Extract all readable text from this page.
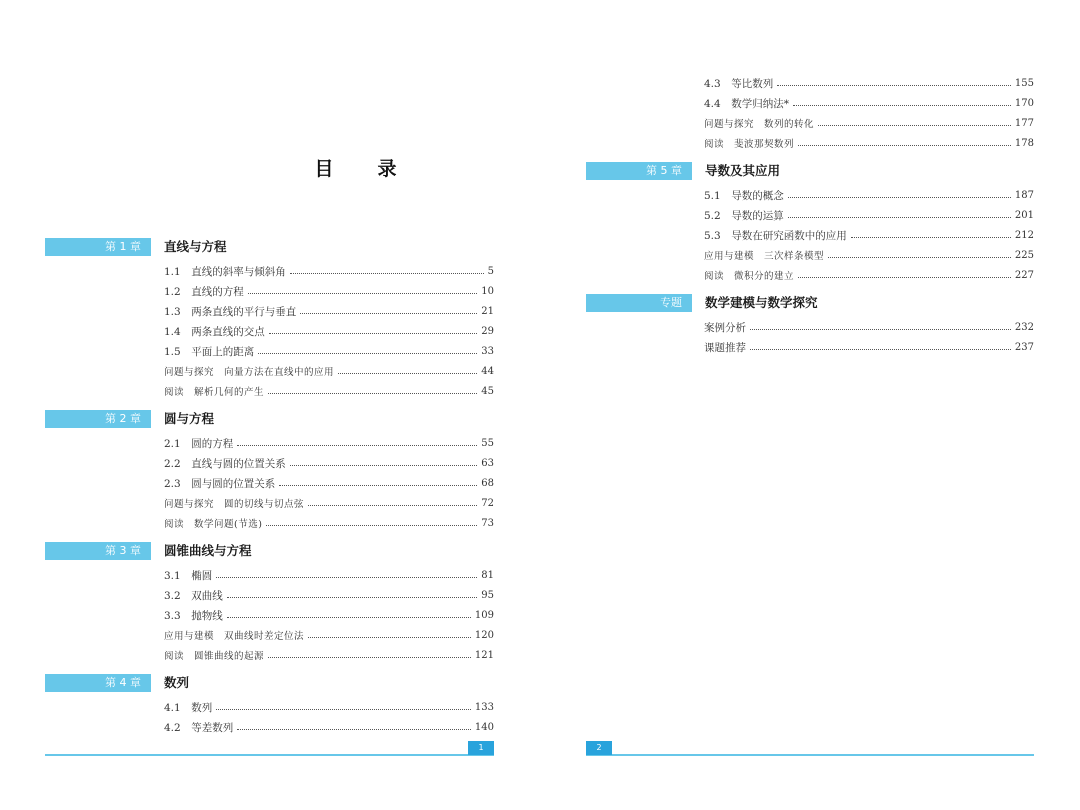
目 录

第 1 章	直线与方程
1.1　直线的斜率与倾斜角	5
1.2　直线的方程	10
1.3　两条直线的平行与垂直	21
1.4　两条直线的交点	29
1.5　平面上的距离	33
问题与探究　向量方法在直线中的应用	44
阅读　解析几何的产生	45
第 2 章	圆与方程
2.1　圆的方程	55
2.2　直线与圆的位置关系	63
2.3　圆与圆的位置关系	68
问题与探究　圆的切线与切点弦	72
阅读　数学问题(节选)	73
第 3 章	圆锥曲线与方程
3.1　椭圆	81
3.2　双曲线	95
3.3　抛物线	109
应用与建模　双曲线时差定位法	120
阅读　圆锥曲线的起源	121
第 4 章	数列
4.1　数列	133
4.2　等差数列	140
1
4.3　等比数列	155
4.4　数学归纳法*	170
问题与探究　数列的转化	177
阅读　斐波那契数列	178
第 5 章	导数及其应用
5.1　导数的概念	187
5.2　导数的运算	201
5.3　导数在研究函数中的应用	212
应用与建模　三次样条模型	225
阅读　微积分的建立	227
专题	数学建模与数学探究
案例分析	232
课题推荐	237
2
